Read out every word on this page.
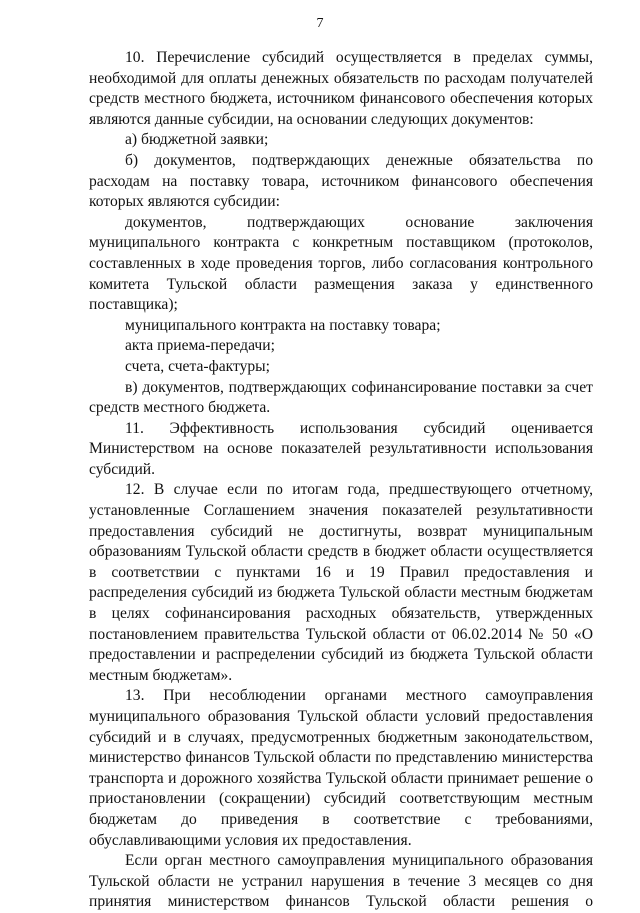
7

10. Перечисление субсидий осуществляется в пределах суммы, необходимой для оплаты денежных обязательств по расходам получателей средств местного бюджета, источником финансового обеспечения которых являются данные субсидии, на основании следующих документов:

а) бюджетной заявки;

б) документов, подтверждающих денежные обязательства по расходам на поставку товара, источником финансового обеспечения которых являются субсидии:

документов, подтверждающих основание заключения муниципального контракта с конкретным поставщиком (протоколов, составленных в ходе проведения торгов, либо согласования контрольного комитета Тульской области размещения заказа у единственного поставщика);

муниципального контракта на поставку товара;

акта приема-передачи;

счета, счета-фактуры;

в) документов, подтверждающих софинансирование поставки за счет средств местного бюджета.

11. Эффективность использования субсидий оценивается Министерством на основе показателей результативности использования субсидий.

12. В случае если по итогам года, предшествующего отчетному, установленные Соглашением значения показателей результативности предоставления субсидий не достигнуты, возврат муниципальным образованиям Тульской области средств в бюджет области осуществляется в соответствии с пунктами 16 и 19 Правил предоставления и распределения субсидий из бюджета Тульской области местным бюджетам в целях софинансирования расходных обязательств, утвержденных постановлением правительства Тульской области от 06.02.2014 № 50 «О предоставлении и распределении субсидий из бюджета Тульской области местным бюджетам».

13. При несоблюдении органами местного самоуправления муниципального образования Тульской области условий предоставления субсидий и в случаях, предусмотренных бюджетным законодательством, министерство финансов Тульской области по представлению министерства транспорта и дорожного хозяйства Тульской области принимает решение о приостановлении (сокращении) субсидий соответствующим местным бюджетам до приведения в соответствие с требованиями, обуславливающими условия их предоставления.

Если орган местного самоуправления муниципального образования Тульской области не устранил нарушения в течение 3 месяцев со дня принятия министерством финансов Тульской области решения о
